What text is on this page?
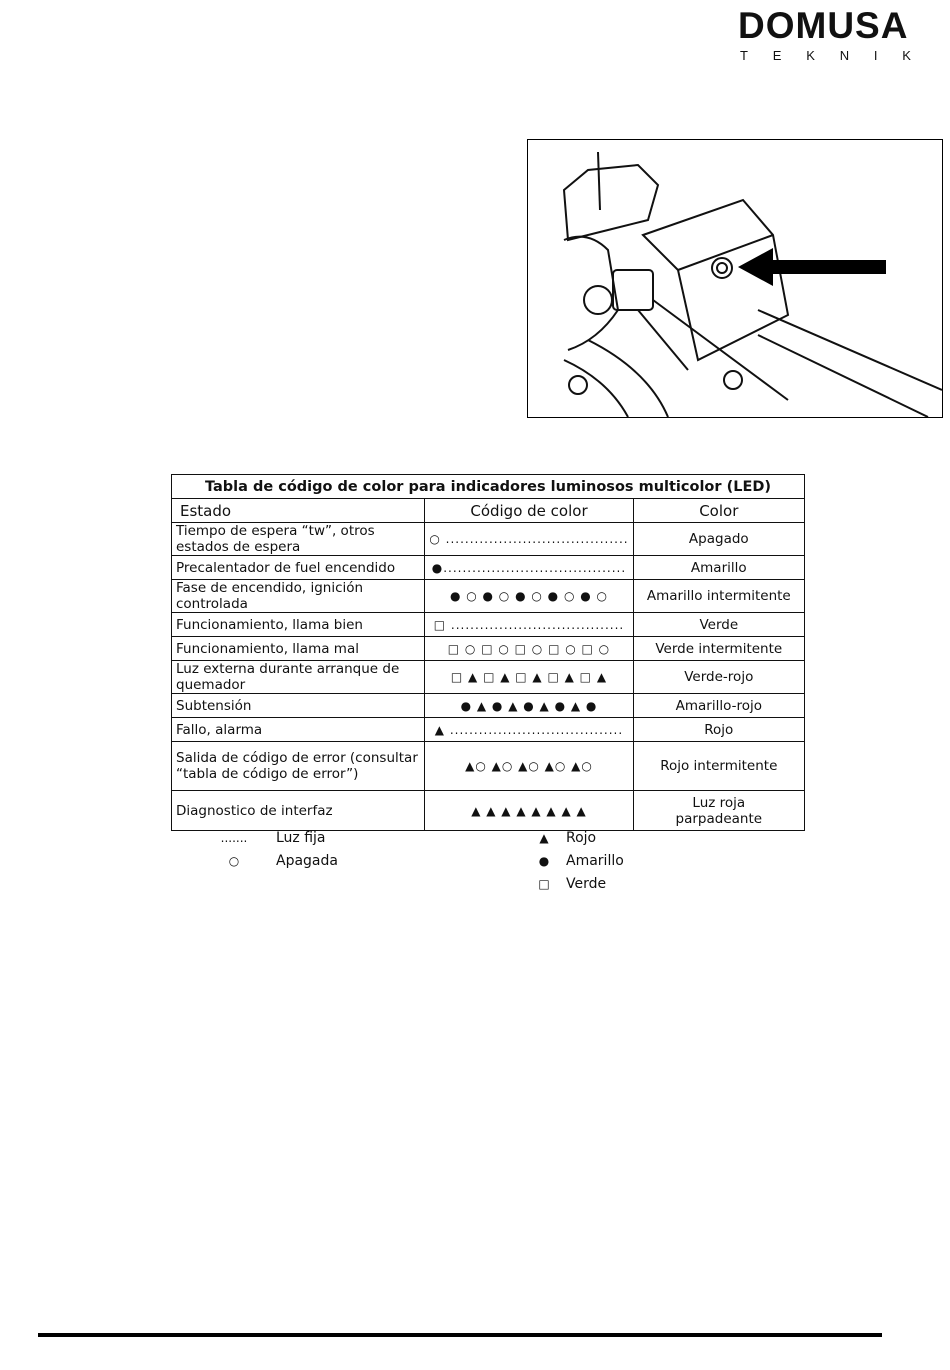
DOMUSA
T E K N I K
Tabla de código de color para indicadores luminosos multicolor (LED)		
Estado	Código de color	Color
Tiempo de espera “tw”, otros estados de espera	○ ......................................	Apagado
Precalentador de fuel encendido	●......................................	Amarillo
Fase de encendido, ignición controlada	● ○ ● ○ ● ○ ● ○ ● ○	Amarillo intermitente
Funcionamiento, llama bien	□ ....................................	Verde
Funcionamiento, llama mal	□ ○ □ ○ □ ○ □ ○ □ ○	Verde intermitente
Luz externa durante arranque de quemador	□ ▲ □ ▲ □ ▲ □ ▲ □ ▲	Verde-rojo
Subtensión	● ▲ ● ▲ ● ▲ ● ▲ ●	Amarillo-rojo
Fallo, alarma	▲ ....................................	Rojo
Salida de código de error (consultar “tabla de código de error”)	▲○ ▲○ ▲○ ▲○ ▲○	Rojo intermitente
Diagnostico de interfaz	▲ ▲ ▲ ▲ ▲ ▲ ▲ ▲	Luz roja parpadeante
.......	Luz fija
○	Apagada
▲	Rojo
●	Amarillo
□	Verde
